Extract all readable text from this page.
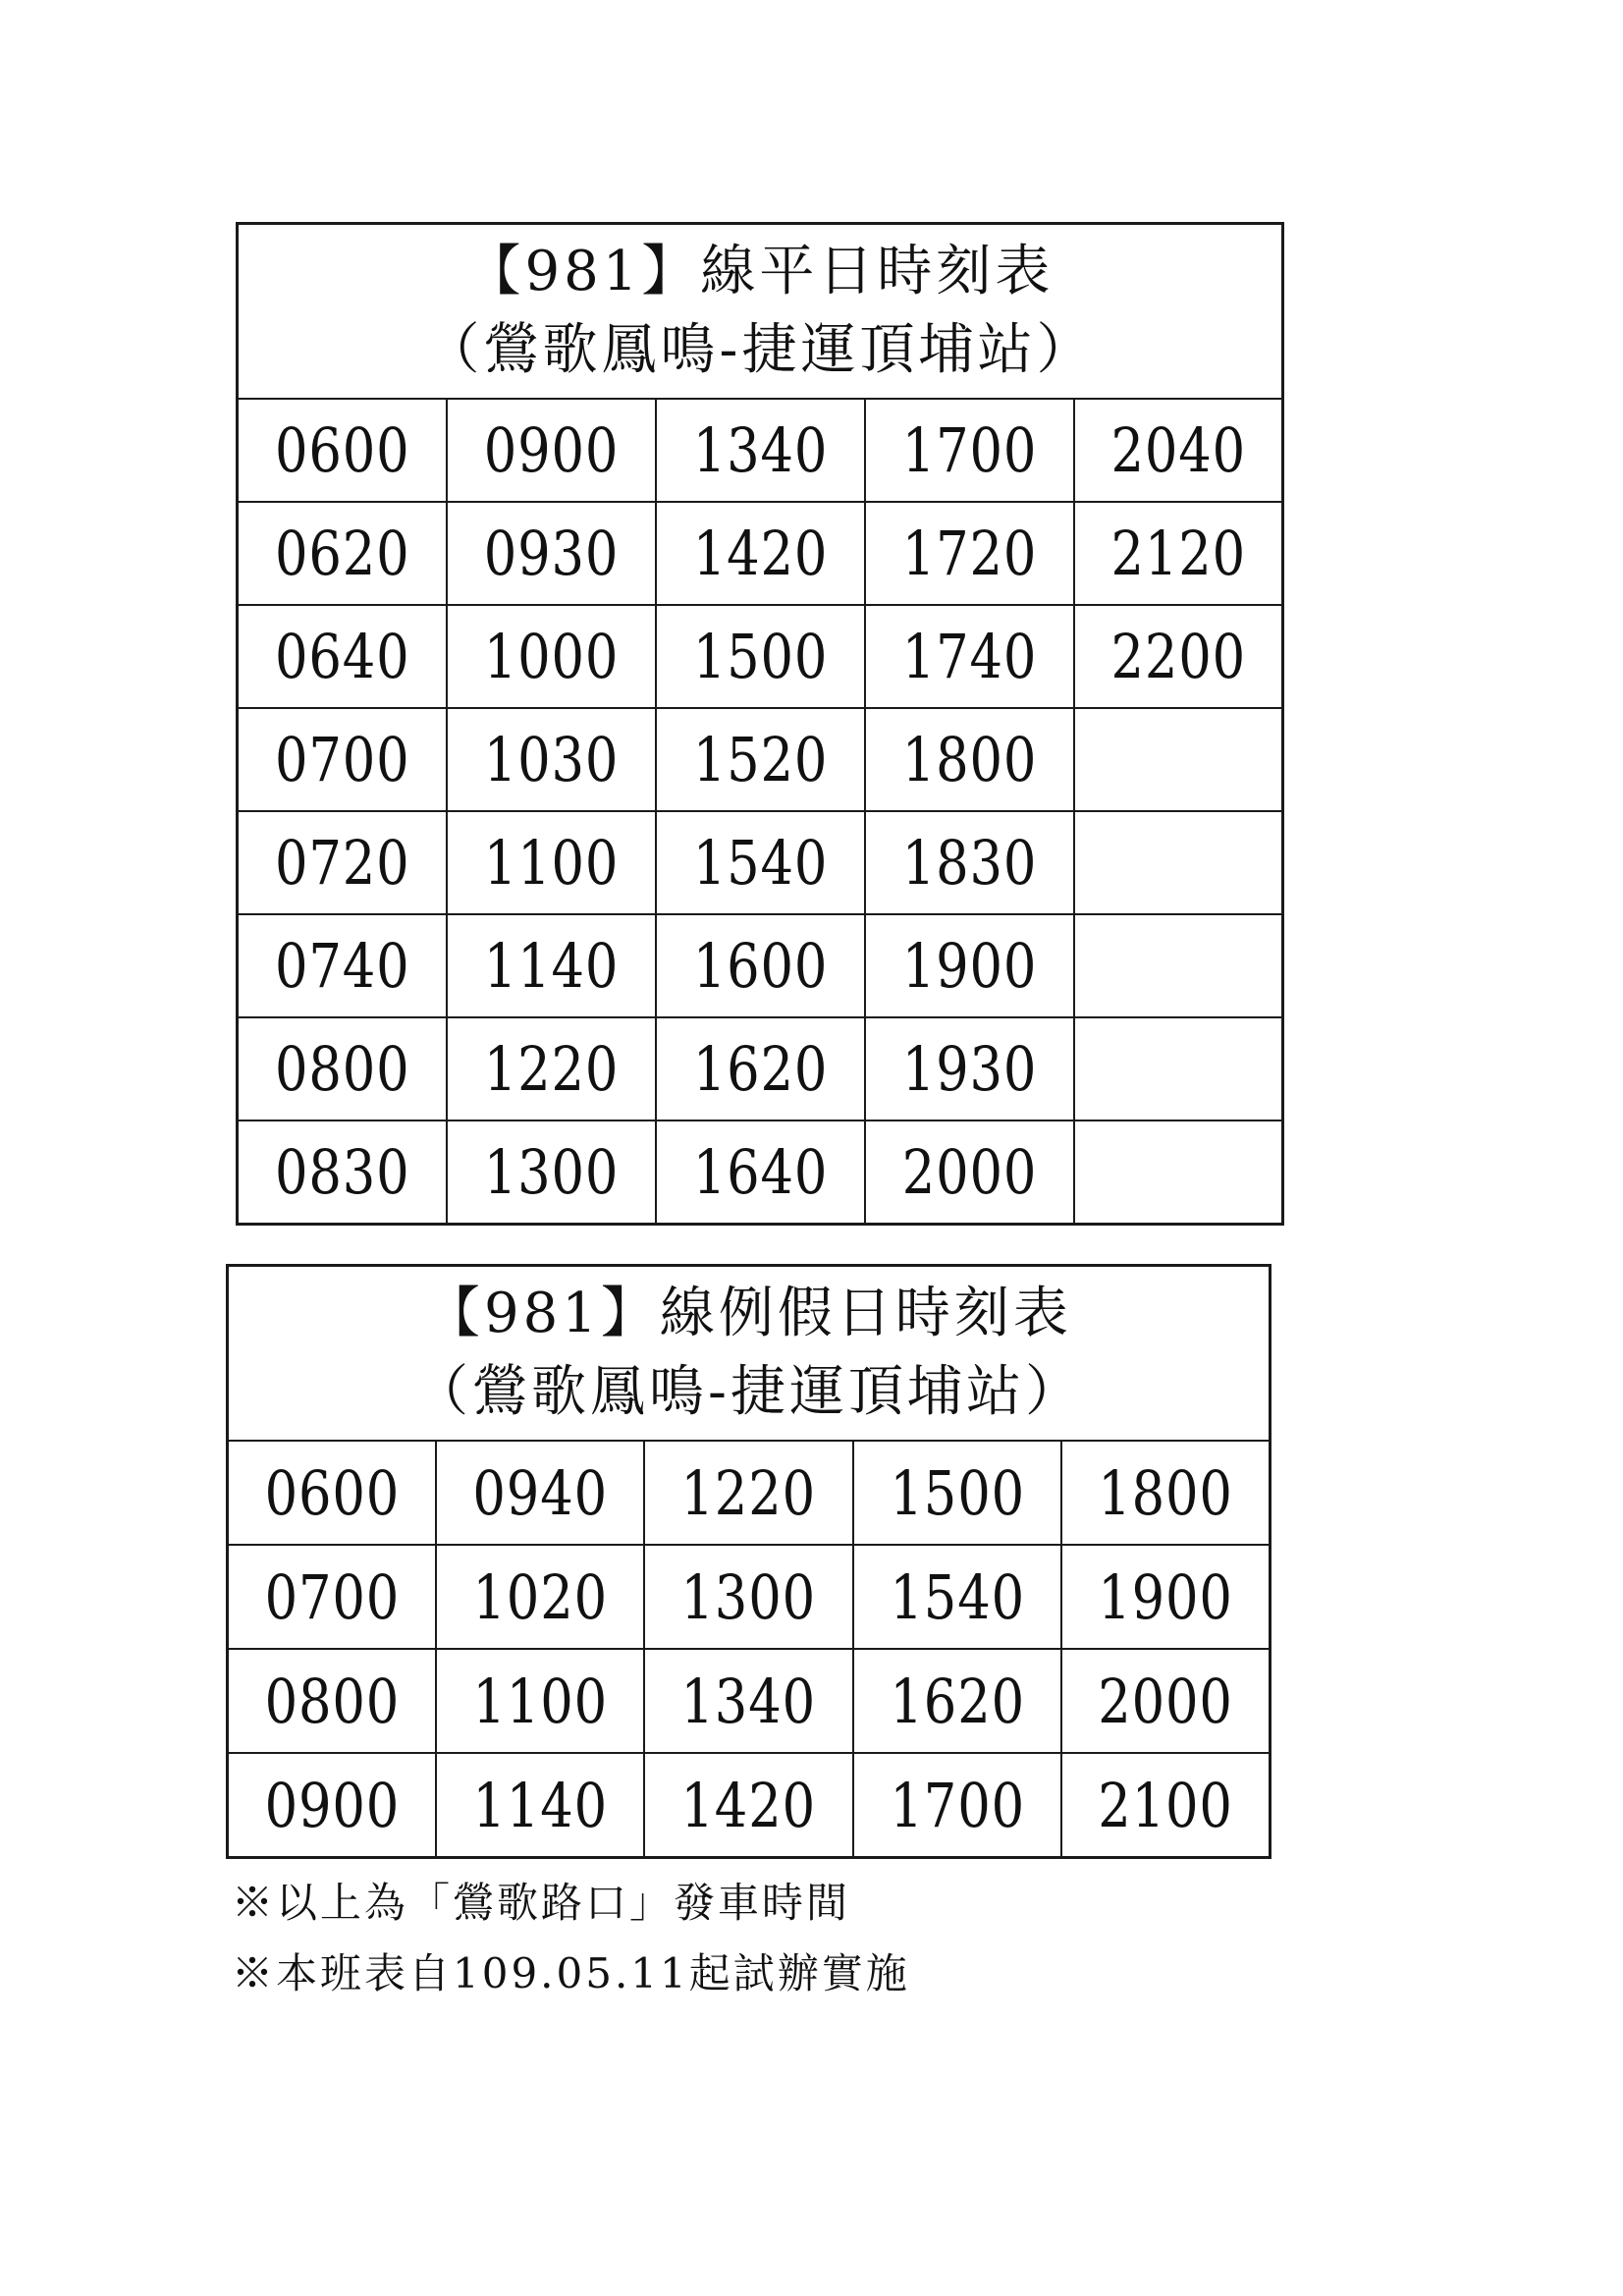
【981】線平日時刻表
（鶯歌鳳鳴-捷運頂埔站）				

0600	0900	1340	1700	2040
0620	0930	1420	1720	2120
0640	1000	1500	1740	2200
0700	1030	1520	1800	
0720	1100	1540	1830	
0740	1140	1600	1900	
0800	1220	1620	1930	
0830	1300	1640	2000	
【981】線例假日時刻表
（鶯歌鳳鳴-捷運頂埔站）				

0600	0940	1220	1500	1800
0700	1020	1300	1540	1900
0800	1100	1340	1620	2000
0900	1140	1420	1700	2100
※以上為「鶯歌路口」發車時間
※本班表自109.05.11起試辦實施
